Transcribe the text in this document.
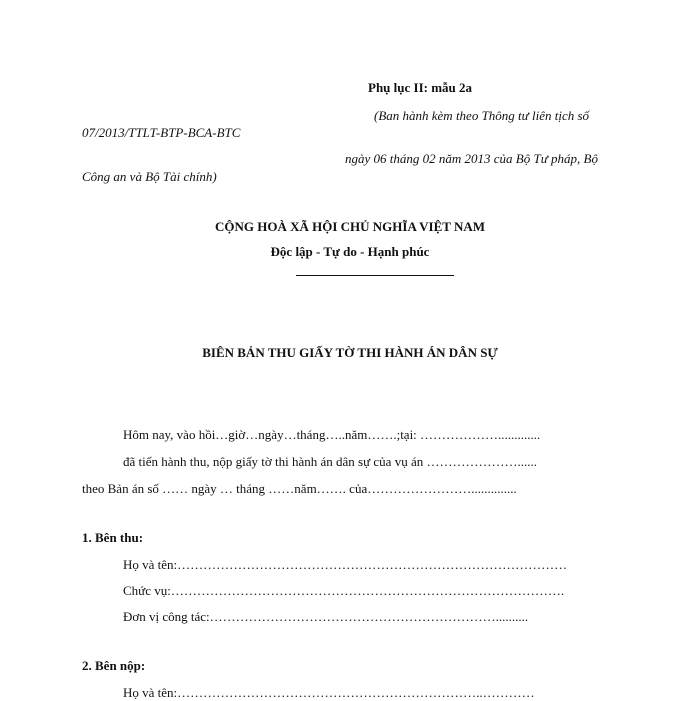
Phụ lục II: mẫu 2a
(Ban hành kèm theo Thông tư liên tịch số
07/2013/TTLT-BTP-BCA-BTC
ngày 06 tháng 02 năm 2013 của Bộ Tư pháp, Bộ
Công an và Bộ Tài chính)
CỘNG HOÀ XÃ HỘI CHỦ NGHĨA VIỆT NAM
Độc lập - Tự do - Hạnh phúc
BIÊN BẢN THU GIẤY TỜ THI HÀNH ÁN DÂN SỰ
Hôm nay, vào hồi…giờ…ngày…tháng…..năm…….;tại: ……………….............
đã tiến hành thu, nộp giấy tờ thi hành án dân sự của vụ án …………………......
theo Bản án số …… ngày … tháng ……năm……. của……………………..............
1. Bên thu:
Họ và tên:………………………………………………………………………………
Chức vụ:……………………………………………………………………………….
Đơn vị công tác:…………………………………………………………..........
2. Bên nộp:
Họ và tên:……………………………………………………………..…………
